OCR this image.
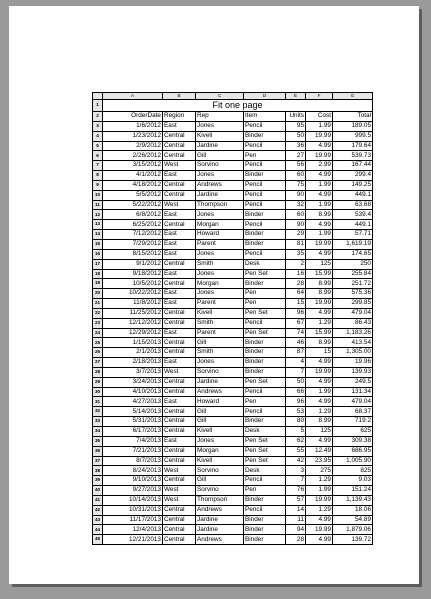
	A	B	C	D	E	F	G
1	Fit one page						
2	OrderDate	Region	Rep	Item	Units	Cost	Total
3	1/6/2012	East	Jones	Pencil	95	1.99	189.05
4	1/23/2012	Central	Kivell	Binder	50	19.99	999.5
5	2/9/2012	Central	Jardine	Pencil	36	4.99	179.64
6	2/26/2012	Central	Gill	Pen	27	19.99	539.73
7	3/15/2012	West	Sorvino	Pencil	56	2.99	167.44
8	4/1/2012	East	Jones	Binder	60	4.99	299.4
9	4/18/2012	Central	Andrews	Pencil	75	1.99	149.25
10	5/5/2012	Central	Jardine	Pencil	90	4.99	449.1
11	5/22/2012	West	Thompson	Pencil	32	1.99	63.68
12	6/8/2012	East	Jones	Binder	60	8.99	539.4
13	6/25/2012	Central	Morgan	Pencil	90	4.99	449.1
14	7/12/2012	East	Howard	Binder	29	1.99	57.71
15	7/29/2012	East	Parent	Binder	81	19.99	1,619.19
16	8/15/2012	East	Jones	Pencil	35	4.99	174.65
17	9/1/2012	Central	Smith	Desk	2	125	250
18	9/18/2012	East	Jones	Pen Set	16	15.99	255.84
19	10/5/2012	Central	Morgan	Binder	28	8.99	251.72
20	10/22/2012	East	Jones	Pen	64	8.99	575.36
21	11/8/2012	East	Parent	Pen	15	19.99	299.85
22	11/25/2012	Central	Kivell	Pen Set	96	4.99	479.04
23	12/12/2012	Central	Smith	Pencil	67	1.29	86.43
24	12/29/2012	East	Parent	Pen Set	74	15.99	1,183.26
25	1/15/2013	Central	Gill	Binder	46	8.99	413.54
26	2/1/2013	Central	Smith	Binder	87	15	1,305.00
27	2/18/2013	East	Jones	Binder	4	4.99	19.96
28	3/7/2013	West	Sorvino	Binder	7	19.99	139.93
29	3/24/2013	Central	Jardine	Pen Set	50	4.99	249.5
30	4/10/2013	Central	Andrews	Pencil	66	1.99	131.34
31	4/27/2013	East	Howard	Pen	96	4.99	479.04
32	5/14/2013	Central	Gill	Pencil	53	1.29	68.37
33	5/31/2013	Central	Gill	Binder	80	8.99	719.2
34	6/17/2013	Central	Kivell	Desk	5	125	625
35	7/4/2013	East	Jones	Pen Set	62	4.99	309.38
36	7/21/2013	Central	Morgan	Pen Set	55	12.49	686.95
37	8/7/2013	Central	Kivell	Pen Set	42	23.95	1,005.90
38	8/24/2013	West	Sorvino	Desk	3	275	825
39	9/10/2013	Central	Gill	Pencil	7	1.29	9.03
40	9/27/2013	West	Sorvino	Pen	76	1.99	151.24
41	10/14/2013	West	Thompson	Binder	57	19.99	1,139.43
42	10/31/2013	Central	Andrews	Pencil	14	1.29	18.06
43	11/17/2013	Central	Jardine	Binder	11	4.99	54.89
44	12/4/2013	Central	Jardine	Binder	94	19.99	1,879.06
45	12/21/2013	Central	Andrews	Binder	28	4.99	139.72
